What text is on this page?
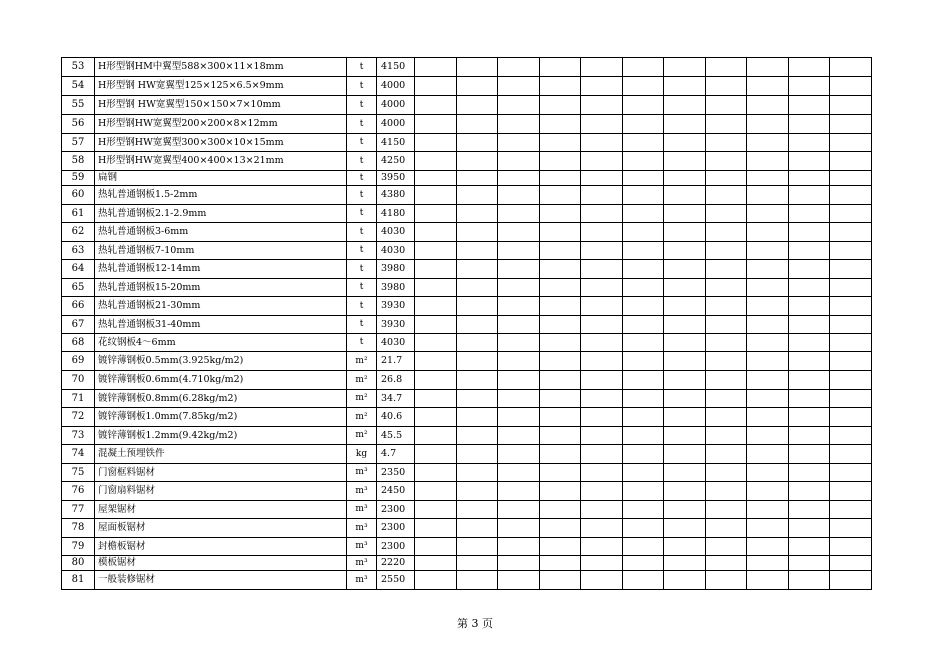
53	H形型钢HM中翼型588×300×11×18mm	t	4150											
54	H形型钢 HW宽翼型125×125×6.5×9mm	t	4000											
55	H形型钢 HW宽翼型150×150×7×10mm	t	4000											
56	H形型钢HW宽翼型200×200×8×12mm	t	4000											
57	H形型钢HW宽翼型300×300×10×15mm	t	4150											
58	H形型钢HW宽翼型400×400×13×21mm	t	4250											
59	扁钢	t	3950											
60	热轧普通钢板1.5-2mm	t	4380											
61	热轧普通钢板2.1-2.9mm	t	4180											
62	热轧普通钢板3-6mm	t	4030											
63	热轧普通钢板7-10mm	t	4030											
64	热轧普通钢板12-14mm	t	3980											
65	热轧普通钢板15-20mm	t	3980											
66	热轧普通钢板21-30mm	t	3930											
67	热轧普通钢板31-40mm	t	3930											
68	花纹钢板4～6mm	t	4030											
69	镀锌薄钢板0.5mm(3.925kg/m2)	m²	21.7											
70	镀锌薄钢板0.6mm(4.710kg/m2)	m²	26.8											
71	镀锌薄钢板0.8mm(6.28kg/m2)	m²	34.7											
72	镀锌薄钢板1.0mm(7.85kg/m2)	m²	40.6											
73	镀锌薄钢板1.2mm(9.42kg/m2)	m²	45.5											
74	混凝土预埋铁件	kg	4.7											
75	门窗框料锯材	m³	2350											
76	门窗扇料锯材	m³	2450											
77	屋架锯材	m³	2300											
78	屋面板锯材	m³	2300											
79	封檐板锯材	m³	2300											
80	模板锯材	m³	2220											
81	一般装修锯材	m³	2550											
第 3 页
